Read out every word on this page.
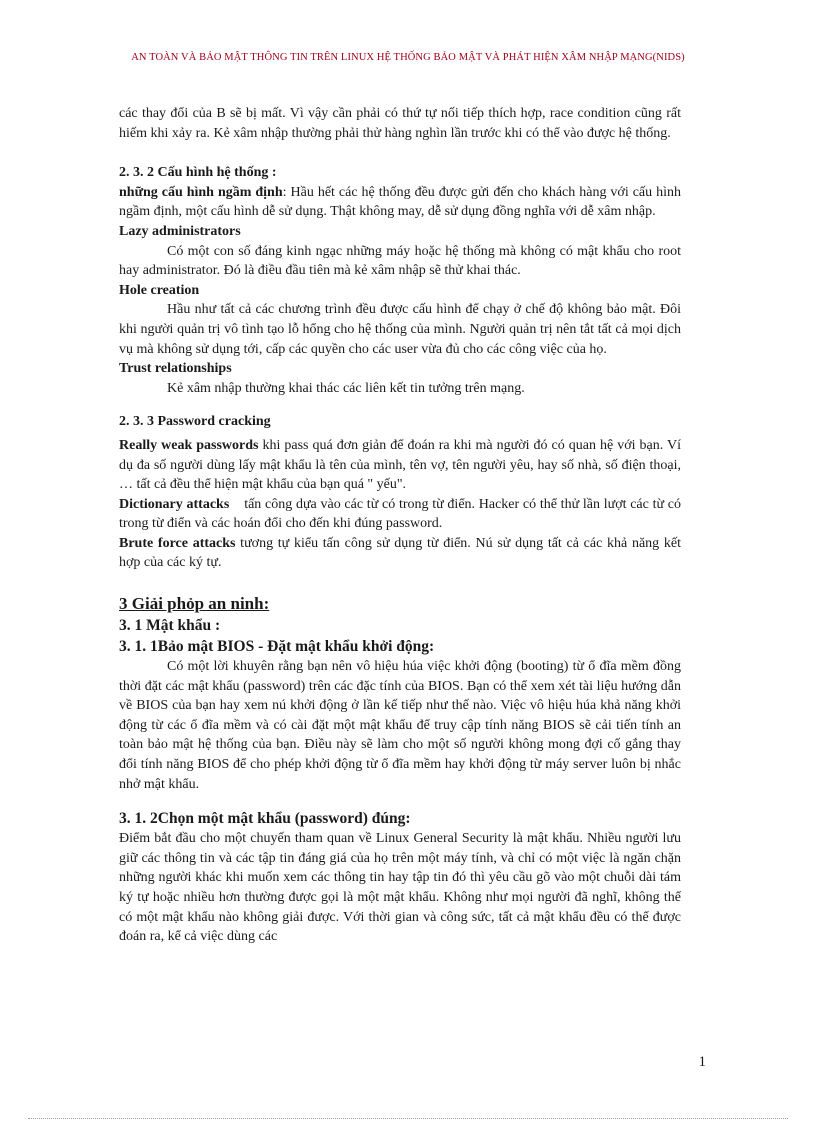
AN TOÀN VÀ BẢO MẬT THÔNG TIN TRÊN LINUX HỆ THỐNG BẢO MẬT VÀ PHÁT HIỆN XÂM NHẬP MẠNG(NIDS)

các thay đổi của B sẽ bị mất. Vì vậy cần phải có thứ tự nối tiếp thích hợp, race condition cũng rất hiếm khi xảy ra. Kẻ xâm nhập thường phải thử hàng nghìn lần trước khi có thể vào được hệ thống.

2. 3. 2 Cấu hình hệ thống :

những cấu hình ngầm định: Hầu hết các hệ thống đều được gửi đến cho khách hàng với cấu hình ngầm định, một cấu hình dễ sử dụng. Thật không may, dễ sử dụng đồng nghĩa với dễ xâm nhập.

Lazy administrators

Có một con số đáng kinh ngạc những máy hoặc hệ thống mà không có mật khẩu cho root hay administrator. Đó là điều đầu tiên mà kẻ xâm nhập sẽ thử khai thác.

Hole creation

Hầu như tất cả các chương trình đều được cấu hình để chạy ở chế độ không bảo mật. Đôi khi người quản trị vô tình tạo lỗ hổng cho hệ thống của mình. Người quản trị nên tắt tất cả mọi dịch vụ mà không sử dụng tới, cấp các quyền cho các user vừa đủ cho các công việc của họ.

Trust relationships

Kẻ xâm nhập thường khai thác các liên kết tin tưởng trên mạng.

2. 3. 3 Password cracking

Really weak passwords khi pass quá đơn giản để đoán ra khi mà người đó có quan hệ với bạn. Ví dụ đa số người dùng lấy mật khẩu là tên của mình, tên vợ, tên người yêu, hay số nhà, số điện thoại, … tất cả đều thể hiện mật khẩu của bạn quá " yếu".

Dictionary attacks    tấn công dựa vào các từ có trong từ điển. Hacker có thể thử lần lượt các từ có trong từ điển và các hoán đổi cho đến khi đúng password.

Brute force attacks tương tự kiểu tấn công sử dụng từ điển. Nú sử dụng tất cả các khả năng kết hợp của các ký tự.

3 Giải phỏp an ninh:

3. 1 Mật khẩu :

3. 1. 1Bảo mật BIOS - Đặt mật khẩu khởi động:

Có một lời khuyên rằng bạn nên vô hiệu húa việc khởi động (booting) từ ổ đĩa mềm đồng thời đặt các mật khẩu (password) trên các đặc tính của BIOS. Bạn có thể xem xét tài liệu hướng dẫn về BIOS của bạn hay xem nú khởi động ở lần kế tiếp như thế nào. Việc vô hiệu húa khả năng khởi động từ các ổ đĩa mềm và có cài đặt một mật khẩu để truy cập tính năng BIOS sẽ cải tiến tính an toàn bảo mật hệ thống của bạn. Điều này sẽ làm cho một số người không mong đợi cố gắng thay đổi tính năng BIOS để cho phép khởi động từ ổ đĩa mềm hay khởi động từ máy server luôn bị nhắc nhở mật khẩu.

3. 1. 2Chọn một mật khẩu (password) đúng:

Điểm bắt đầu cho một chuyến tham quan về Linux General Security là mật khẩu. Nhiều người lưu giữ các thông tin và các tập tin đáng giá của họ trên một máy tính, và chỉ có một việc là ngăn chặn những người khác khi muốn xem các thông tin hay tập tin đó thì yêu cầu gõ vào một chuỗi dài tám ký tự hoặc nhiều hơn thường được gọi là một mật khẩu. Không như mọi người đã nghĩ, không thể có một mật khẩu nào không giải được. Với thời gian và công sức, tất cả mật khẩu đều có thể được đoán ra, kể cả việc dùng các

1
